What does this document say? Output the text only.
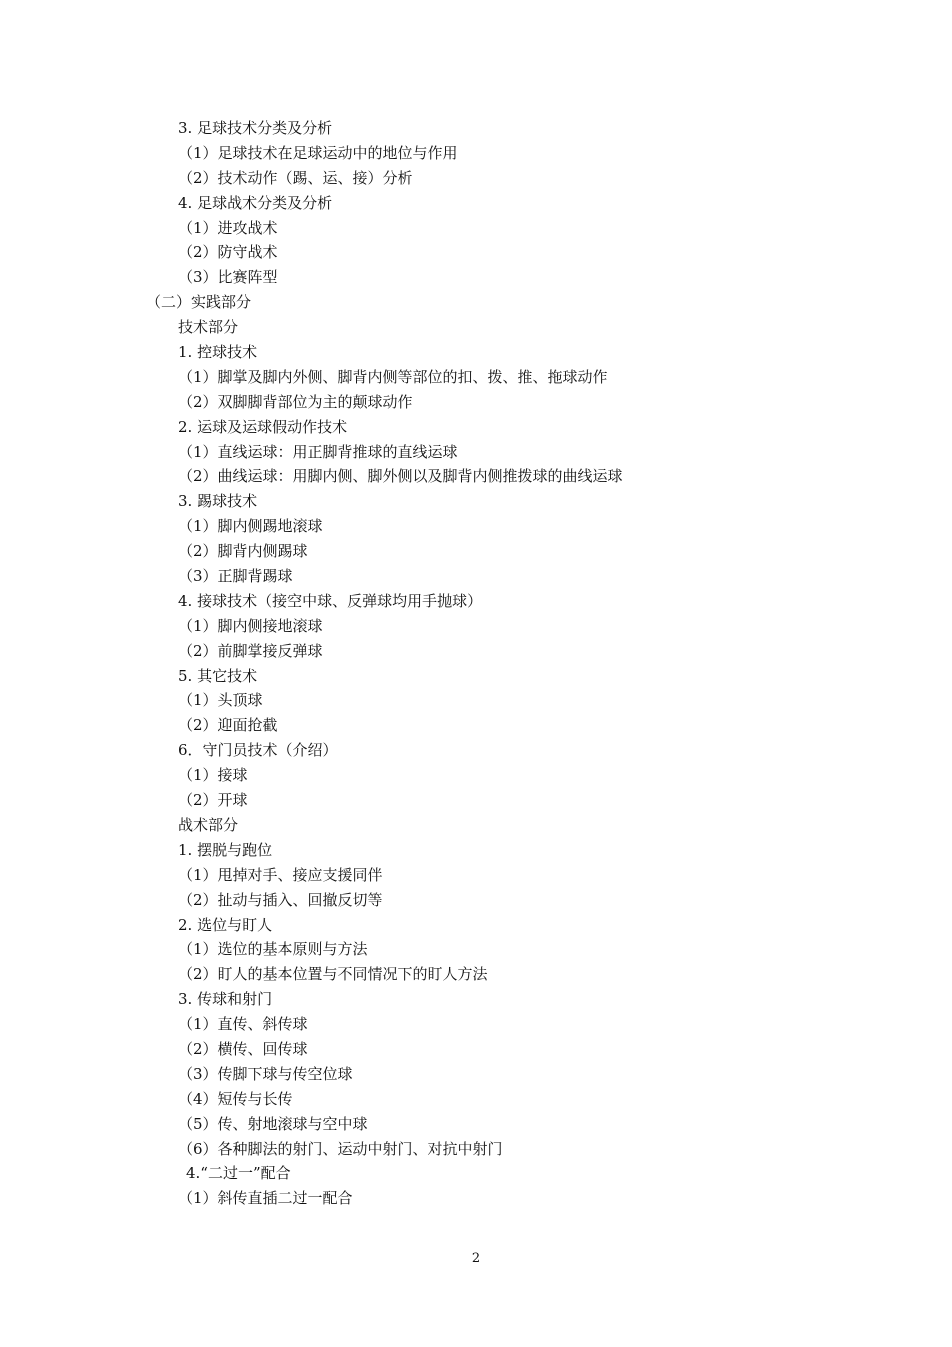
3. 足球技术分类及分析
（1）足球技术在足球运动中的地位与作用
（2）技术动作（踢、运、接）分析
4. 足球战术分类及分析
（1）进攻战术
（2）防守战术
（3）比赛阵型
（二）实践部分
技术部分
1. 控球技术
（1）脚掌及脚内外侧、脚背内侧等部位的扣、拨、推、拖球动作
（2）双脚脚背部位为主的颠球动作
2. 运球及运球假动作技术
（1）直线运球：用正脚背推球的直线运球
（2）曲线运球：用脚内侧、脚外侧以及脚背内侧推拨球的曲线运球
3. 踢球技术
（1）脚内侧踢地滚球
（2）脚背内侧踢球
（3）正脚背踢球
4. 接球技术（接空中球、反弹球均用手抛球）
（1）脚内侧接地滚球
（2）前脚掌接反弹球
5. 其它技术
（1）头顶球
（2）迎面抢截
6．守门员技术（介绍）
（1）接球
（2）开球
战术部分
1. 摆脱与跑位
（1）甩掉对手、接应支援同伴
（2）扯动与插入、回撤反切等
2. 选位与盯人
（1）选位的基本原则与方法
（2）盯人的基本位置与不同情况下的盯人方法
3. 传球和射门
（1）直传、斜传球
（2）横传、回传球
（3）传脚下球与传空位球
（4）短传与长传
（5）传、射地滚球与空中球
（6）各种脚法的射门、运动中射门、对抗中射门
4.“二过一”配合
（1）斜传直插二过一配合
2
